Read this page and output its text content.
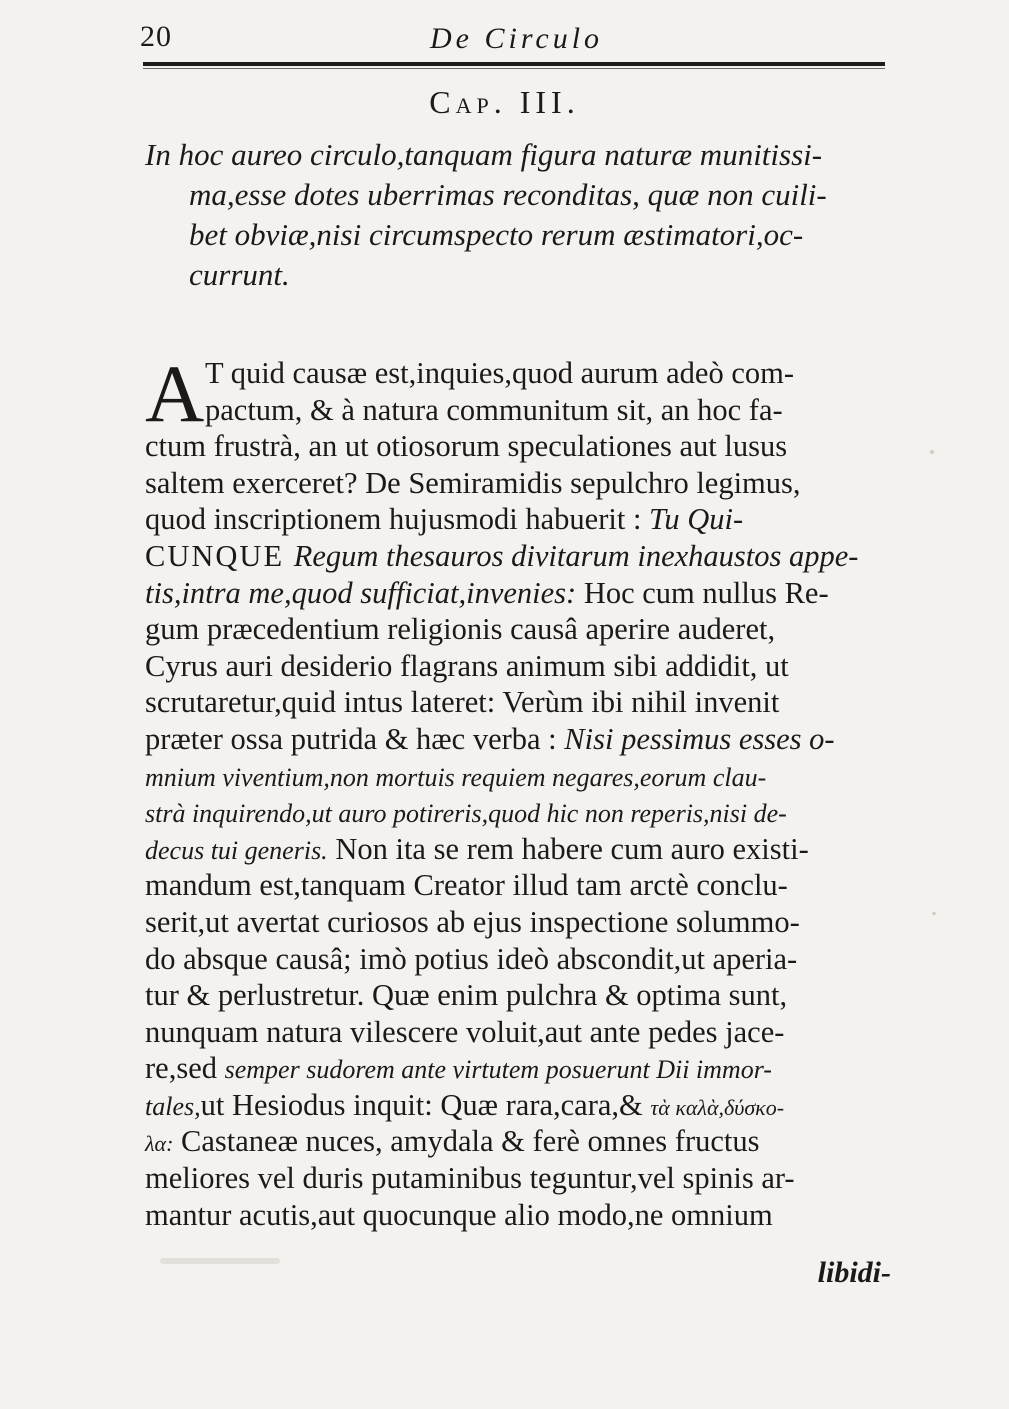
20	De Circulo
Cap. III.
In hoc aureo circulo,tanquam figura naturæ munitissi-
ma,esse dotes uberrimas reconditas, quæ non cuili-
bet obviæ,nisi circumspecto rerum æstimatori,oc-
currunt.
A T quid causæ est,inquies,quod aurum adeò com-
pactum, & à natura communitum sit, an hoc fa-
ctum frustrà, an ut otiosorum speculationes aut lusus
saltem exerceret? De Semiramidis sepulchro legimus,
quod inscriptionem hujusmodi habuerit : Tu Qui-
CUNQUE Regum thesauros divitarum inexhaustos appe-
tis,intra me,quod sufficiat,invenies: Hoc cum nullus Re-
gum præcedentium religionis causâ aperire auderet,
Cyrus auri desiderio flagrans animum sibi addidit, ut
scrutaretur,quid intus lateret: Verùm ibi nihil invenit
præter ossa putrida & hæc verba : Nisi pessimus esses o-
mnium viventium,non mortuis requiem negares,eorum clau-
strà inquirendo,ut auro potireris,quod hic non reperis,nisi de-
decus tui generis. Non ita se rem habere cum auro existi-
mandum est,tanquam Creator illud tam arctè conclu-
serit,ut avertat curiosos ab ejus inspectione solummo-
do absque causâ; imò potius ideò abscondit,ut aperia-
tur & perlustretur. Quæ enim pulchra & optima sunt,
nunquam natura vilescere voluit,aut ante pedes jace-
re,sed semper sudorem ante virtutem posuerunt Dii immor-
tales,ut Hesiodus inquit: Quæ rara,cara,& τὰ καλὰ,δύσκο-
λα: Castaneæ nuces, amydala & ferè omnes fructus
meliores vel duris putaminibus teguntur,vel spinis ar-
mantur acutis,aut quocunque alio modo,ne omnium
libidi-
